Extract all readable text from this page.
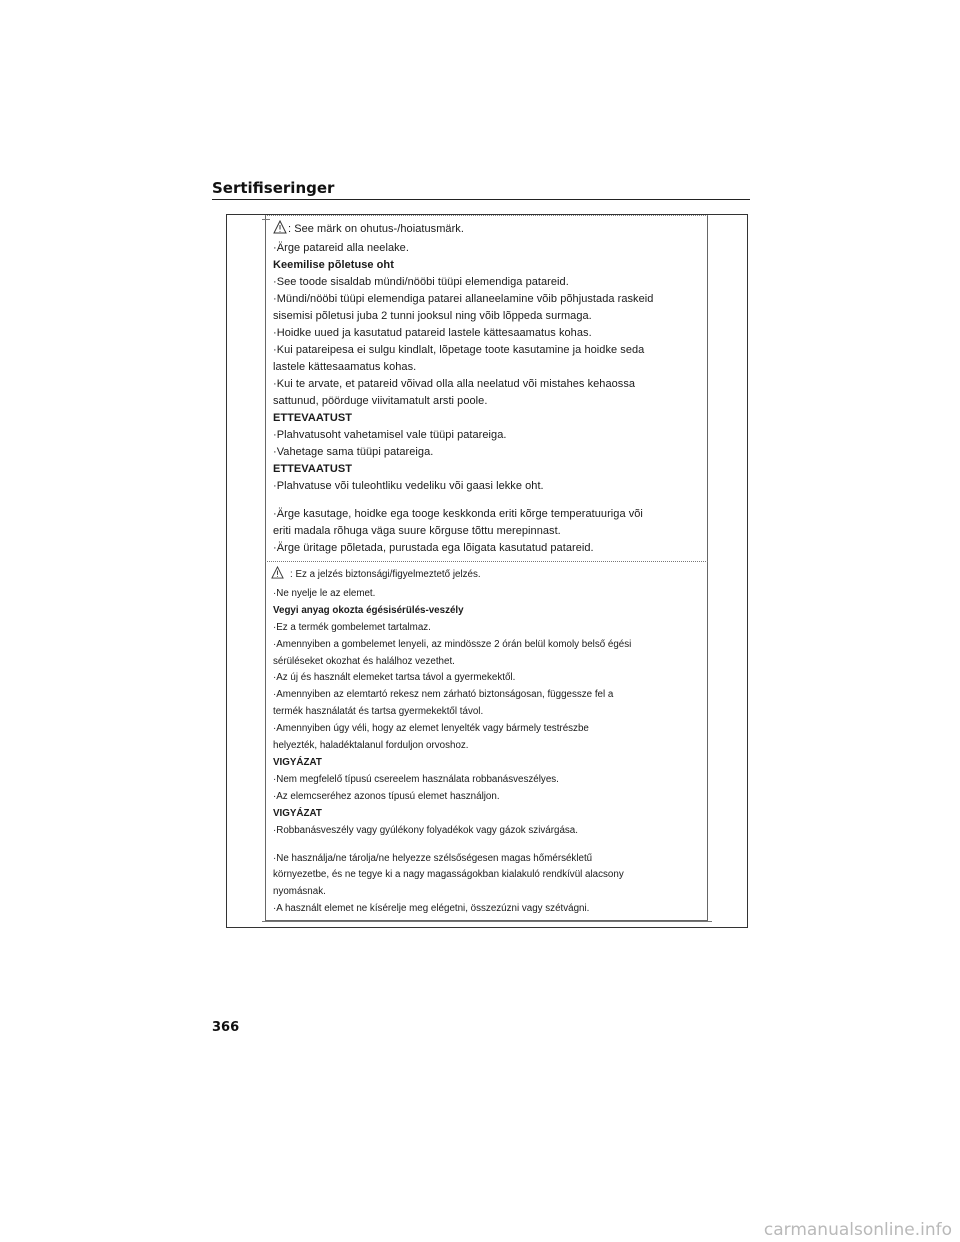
Sertifiseringer
: See märk on ohutus-/hoiatusmärk.
·Ärge patareid alla neelake.
Keemilise põletuse oht
·See toode sisaldab mündi/nööbi tüüpi elemendiga patareid.
·Mündi/nööbi tüüpi elemendiga patarei allaneelamine võib põhjustada raskeid
sisemisi põletusi juba 2 tunni jooksul ning võib lõppeda surmaga.
·Hoidke uued ja kasutatud patareid lastele kättesaamatus kohas.
·Kui patareipesa ei sulgu kindlalt, lõpetage toote kasutamine ja hoidke seda
lastele kättesaamatus kohas.
·Kui te arvate, et patareid võivad olla alla neelatud või mistahes kehaossa
sattunud, pöörduge viivitamatult arsti poole.
ETTEVAATUST
·Plahvatusoht vahetamisel vale tüüpi patareiga.
·Vahetage sama tüüpi patareiga.
ETTEVAATUST
·Plahvatuse või tuleohtliku vedeliku või gaasi lekke oht.
·Ärge kasutage, hoidke ega tooge keskkonda eriti kõrge temperatuuriga või
eriti madala rõhuga väga suure kõrguse tõttu merepinnast.
·Ärge üritage põletada, purustada ega lõigata kasutatud patareid.
: Ez a jelzés biztonsági/figyelmeztető jelzés.
·Ne nyelje le az elemet.
Vegyi anyag okozta égésisérülés-veszély
·Ez a termék gombelemet tartalmaz.
·Amennyiben a gombelemet lenyeli, az mindössze 2 órán belül komoly belső égési
sérüléseket okozhat és halálhoz vezethet.
·Az új és használt elemeket tartsa távol a gyermekektől.
·Amennyiben az elemtartó rekesz nem zárható biztonságosan, függessze fel a
termék használatát és tartsa gyermekektől távol.
·Amennyiben úgy véli, hogy az elemet lenyelték vagy bármely testrészbe
helyezték, haladéktalanul forduljon orvoshoz.
VIGYÁZAT
·Nem megfelelő típusú csereelem használata robbanásveszélyes.
·Az elemcseréhez azonos típusú elemet használjon.
VIGYÁZAT
·Robbanásveszély vagy gyúlékony folyadékok vagy gázok szivárgása.
·Ne használja/ne tárolja/ne helyezze szélsőségesen magas hőmérsékletű
környezetbe, és ne tegye ki a nagy magasságokban kialakuló rendkívül alacsony
nyomásnak.
·A használt elemet ne kísérelje meg elégetni, összezúzni vagy szétvágni.
366
carmanualsonline.info
